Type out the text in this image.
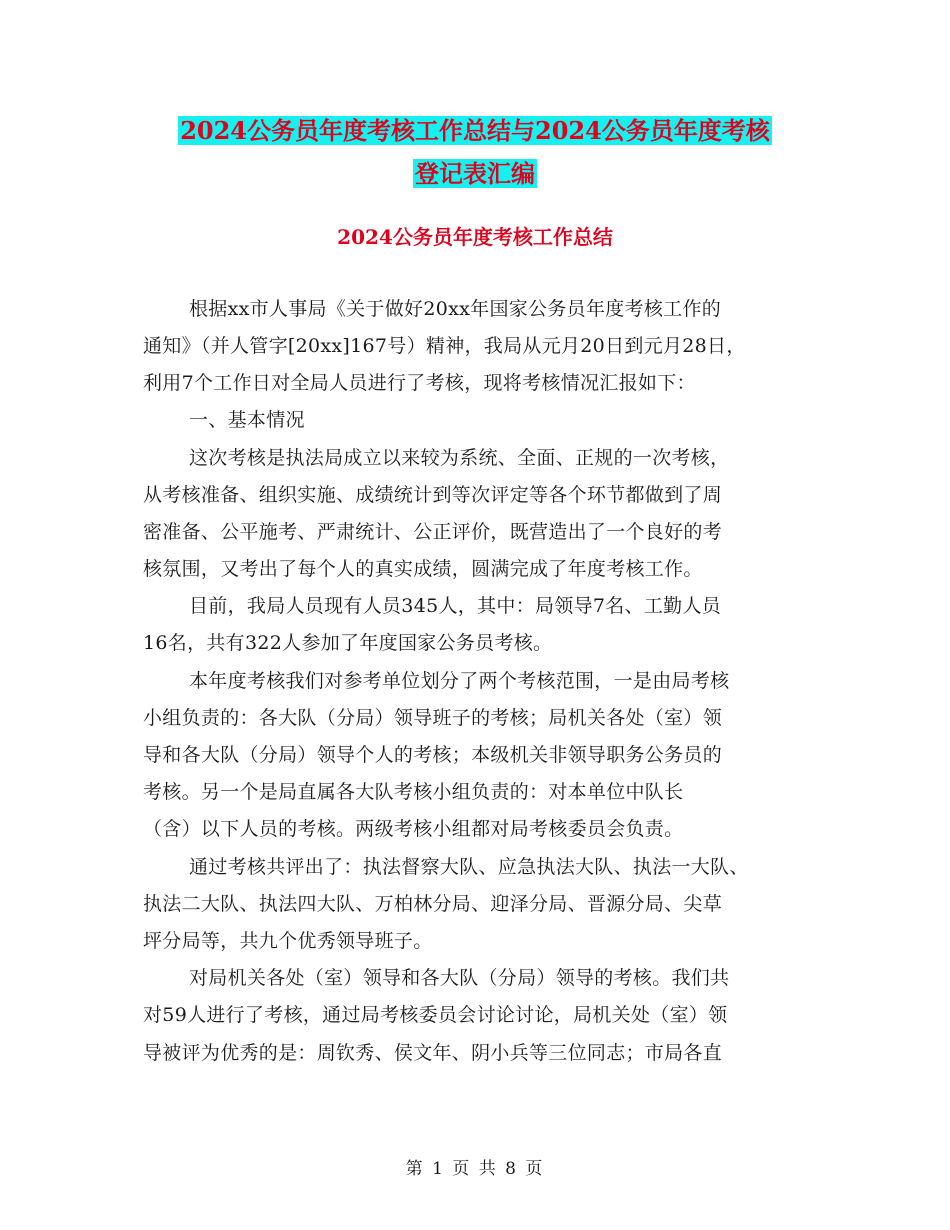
2024公务员年度考核工作总结与2024公务员年度考核
登记表汇编
2024公务员年度考核工作总结
根据xx市人事局《关于做好20xx年国家公务员年度考核工作的
通知》（并人管字[20xx]167号）精神，我局从元月20日到元月28日，
利用7个工作日对全局人员进行了考核，现将考核情况汇报如下：
一、基本情况
这次考核是执法局成立以来较为系统、全面、正规的一次考核，
从考核准备、组织实施、成绩统计到等次评定等各个环节都做到了周
密准备、公平施考、严肃统计、公正评价，既营造出了一个良好的考
核氛围，又考出了每个人的真实成绩，圆满完成了年度考核工作。
目前，我局人员现有人员345人，其中：局领导7名、工勤人员
16名，共有322人参加了年度国家公务员考核。
本年度考核我们对参考单位划分了两个考核范围，一是由局考核
小组负责的：各大队（分局）领导班子的考核；局机关各处（室）领
导和各大队（分局）领导个人的考核；本级机关非领导职务公务员的
考核。另一个是局直属各大队考核小组负责的：对本单位中队长
（含）以下人员的考核。两级考核小组都对局考核委员会负责。
通过考核共评出了：执法督察大队、应急执法大队、执法一大队、
执法二大队、执法四大队、万柏林分局、迎泽分局、晋源分局、尖草
坪分局等，共九个优秀领导班子。
对局机关各处（室）领导和各大队（分局）领导的考核。我们共
对59人进行了考核，通过局考核委员会讨论讨论，局机关处（室）领
导被评为优秀的是：周钦秀、侯文年、阴小兵等三位同志；市局各直
第 1 页 共 8 页
